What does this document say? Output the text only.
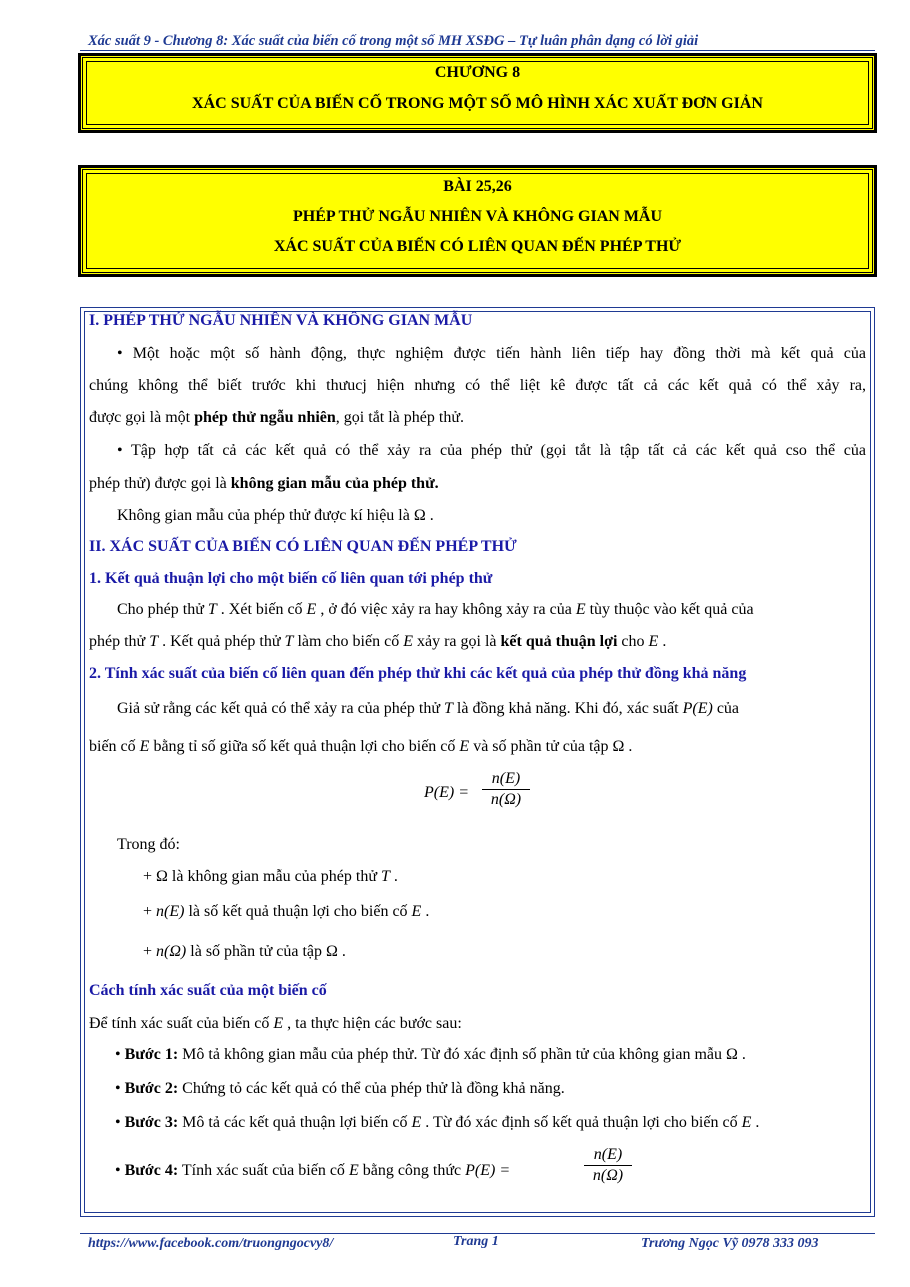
Xác suất 9 - Chương 8: Xác suất của biến cố trong một số MH XSĐG – Tự luân phân dạng có lời giải
CHƯƠNG 8
XÁC SUẤT CỦA BIẾN CỐ TRONG MỘT SỐ MÔ HÌNH XÁC XUẤT ĐƠN GIẢN
BÀI 25,26
PHÉP THỬ NGẪU NHIÊN VÀ KHÔNG GIAN MẪU
XÁC SUẤT CỦA BIẾN CÓ LIÊN QUAN ĐẾN PHÉP THỬ
I. PHÉP THỬ NGẪU NHIÊN VÀ KHÔNG GIAN MẪU
• Một hoặc một số hành động, thực nghiệm được tiến hành liên tiếp hay đồng thời mà kết quả của
chúng không thể biết trước khi thưucj hiện nhưng có thể liệt kê được tất cả các kết quả có thể xảy ra,
được gọi là một phép thử ngẫu nhiên, gọi tắt là phép thử.
• Tập hợp tất cả các kết quả có thể xảy ra của phép thử (gọi tắt là tập tất cả các kết quả cso thể của
phép thử) được gọi là không gian mẫu của phép thử.
Không gian mẫu của phép thử được kí hiệu là Ω .
II. XÁC SUẤT CỦA BIẾN CÓ LIÊN QUAN ĐẾN PHÉP THỬ
1. Kết quả thuận lợi cho một biến cố liên quan tới phép thử
Cho phép thử T . Xét biến cố E , ở đó việc xảy ra hay không xảy ra của E tùy thuộc vào kết quả của
phép thử T . Kết quả phép thử T làm cho biến cố E xảy ra gọi là kết quả thuận lợi cho E .
2. Tính xác suất của biến cố liên quan đến phép thử khi các kết quả của phép thử đồng khả năng
Giả sử rằng các kết quả có thể xảy ra của phép thử T là đồng khả năng. Khi đó, xác suất P(E) của
biến cố E bằng tỉ số giữa số kết quả thuận lợi cho biến cố E và số phần tử của tập Ω .
P(E) =
n(E)
n(Ω)
Trong đó:
+ Ω là không gian mẫu của phép thử T .
+ n(E) là số kết quả thuận lợi cho biến cố E .
+ n(Ω) là số phần tử của tập Ω .
Cách tính xác suất của một biến cố
Để tính xác suất của biến cố E , ta thực hiện các bước sau:
• Bước 1: Mô tả không gian mẫu của phép thử. Từ đó xác định số phần tử của không gian mẫu Ω .
• Bước 2: Chứng tỏ các kết quả có thể của phép thử là đồng khả năng.
• Bước 3: Mô tả các kết quả thuận lợi biến cố E . Từ đó xác định số kết quả thuận lợi cho biến cố E .
• Bước 4: Tính xác suất của biến cố E bằng công thức P(E) =
n(E)
n(Ω)
https://www.facebook.com/truongngocvy8/	Trang 1	Trương Ngọc Vỹ 0978 333 093
